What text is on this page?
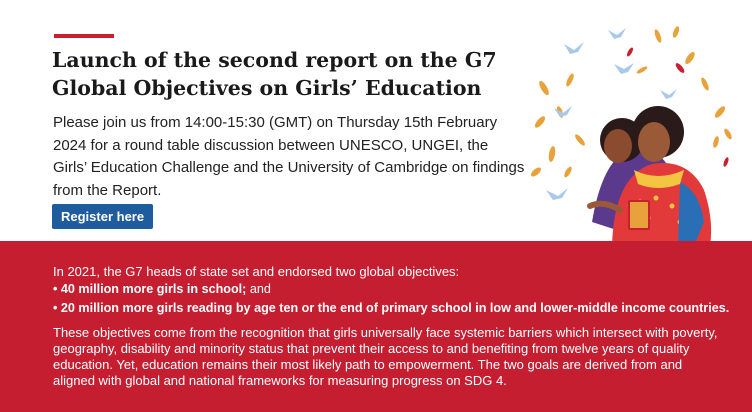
Launch of the second report on the G7 Global Objectives on Girls’ Education

Please join us from 14:00-15:30 (GMT) on Thursday 15th February 2024 for a round table discussion between UNESCO, UNGEI, the Girls’ Education Challenge and the University of Cambridge on findings from the Report.

Register here

In 2021, the G7 heads of state set and endorsed two global objectives:

• 40 million more girls in school; and
• 20 million more girls reading by age ten or the end of primary school in low and lower-middle income countries.

These objectives come from the recognition that girls universally face systemic barriers which intersect with poverty, geography, disability and minority status that prevent their access to and benefiting from twelve years of quality education. Yet, education remains their most likely path to empowerment. The two goals are derived from and aligned with global and national frameworks for measuring progress on SDG 4.
